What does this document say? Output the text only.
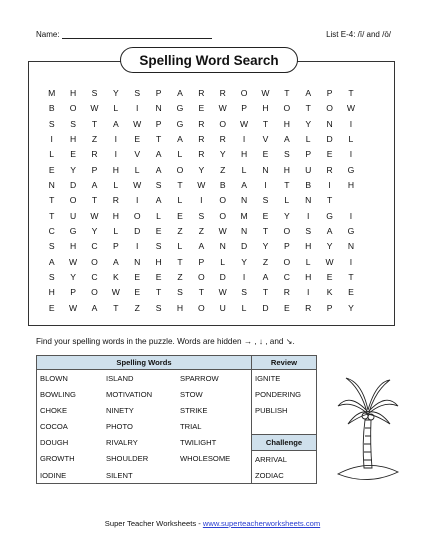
Name:	List E-4: /ī/ and /ō/
Spelling Word Search
M	H	S	Y	S	P	A	R	R	O	W	T	A	P	T
B	O	W	L	I	N	G	E	W	P	H	O	T	O	W
S	S	T	A	W	P	G	R	O	W	T	H	Y	N	I
I	H	Z	I	E	T	A	R	R	I	V	A	L	D	L
L	E	R	I	V	A	L	R	Y	H	E	S	P	E	I
E	Y	P	H	L	A	O	Y	Z	L	N	H	U	R	G
N	D	A	L	W	S	T	W	B	A	I	T	B	I	H
T	O	T	R	I	A	L	I	O	N	S	L	N	T
T	U	W	H	O	L	E	S	O	M	E	Y	I	G	I
C	G	Y	L	D	E	Z	Z	W	N	T	O	S	A	G
S	H	C	P	I	S	L	A	N	D	Y	P	H	Y	N
A	W	O	A	N	H	T	P	L	Y	Z	O	L	W	I
S	Y	C	K	E	E	Z	O	D	I	A	C	H	E	T
H	P	O	W	E	T	S	T	W	S	T	R	I	K	E
E	W	A	T	Z	S	H	O	U	L	D	E	R	P	Y
Find your spelling words in the puzzle. Words are hidden → , ↓ , and ↘.
Spelling Words			Review
BLOWN	ISLAND	SPARROW	IGNITE
BOWLING	MOTIVATION	STOW	PONDERING
CHOKE	NINETY	STRIKE	PUBLISH
COCOA	PHOTO	TRIAL	
DOUGH	RIVALRY	TWILIGHT	Challenge
GROWTH	SHOULDER	WHOLESOME	ARRIVAL
IODINE	SILENT		ZODIAC
Super Teacher Worksheets - www.superteacherworksheets.com
